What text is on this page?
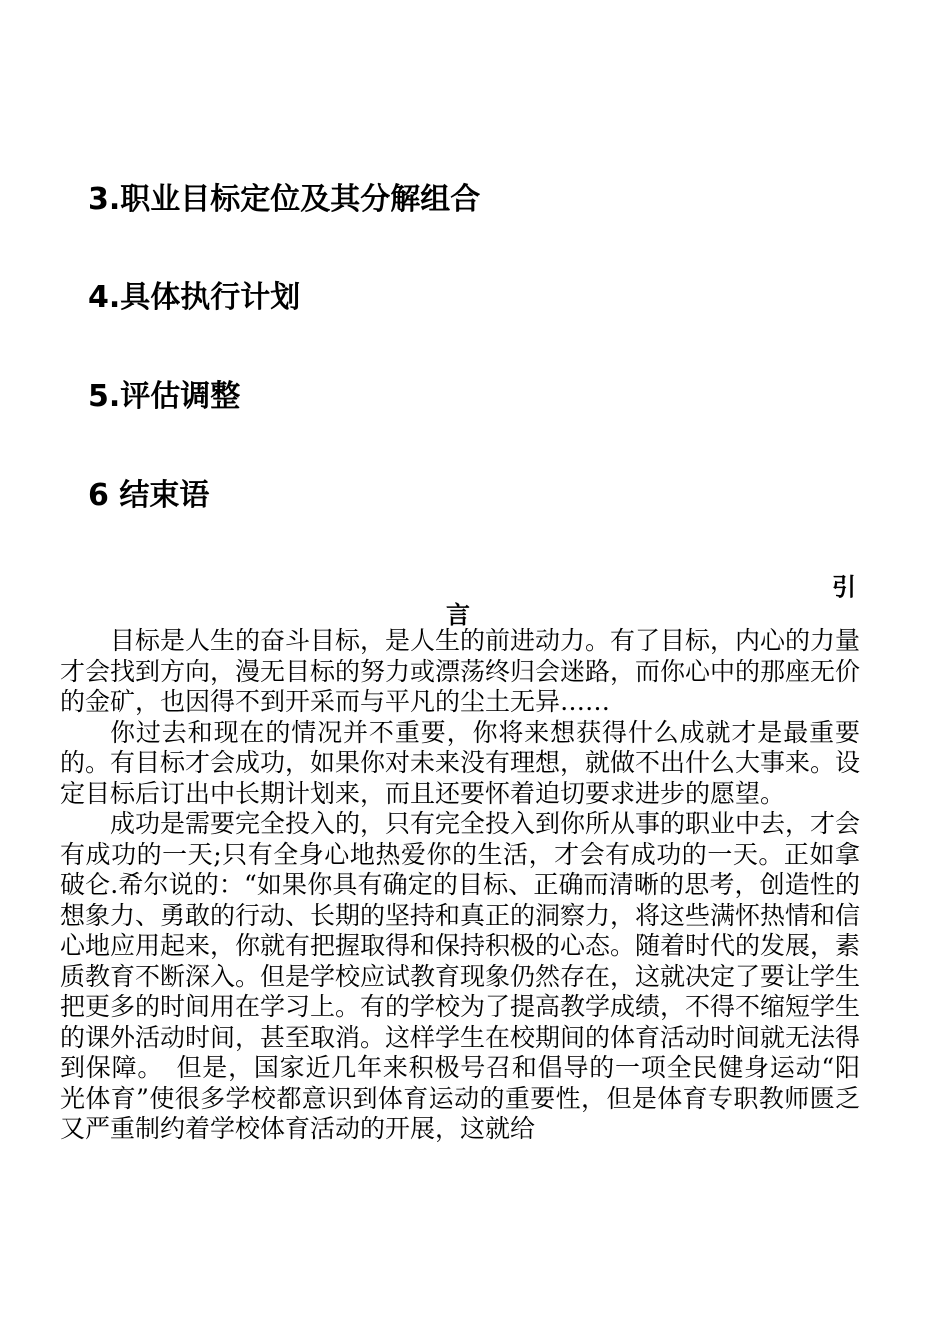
3.职业目标定位及其分解组合
4.具体执行计划
5.评估调整
6 结束语
引
言

目标是人生的奋斗目标，是人生的前进动力。有了目标，内心的力量才会找到方向，漫无目标的努力或漂荡终归会迷路，而你心中的那座无价的金矿，也因得不到开采而与平凡的尘土无异……

你过去和现在的情况并不重要，你将来想获得什么成就才是最重要的。有目标才会成功，如果你对未来没有理想，就做不出什么大事来。设定目标后订出中长期计划来，而且还要怀着迫切要求进步的愿望。

成功是需要完全投入的，只有完全投入到你所从事的职业中去，才会有成功的一天;只有全身心地热爱你的生活，才会有成功的一天。正如拿破仑.希尔说的：“如果你具有确定的目标、正确而清晰的思考，创造性的想象力、勇敢的行动、长期的坚持和真正的洞察力，将这些满怀热情和信心地应用起来，你就有把握取得和保持积极的心态。随着时代的发展，素质教育不断深入。但是学校应试教育现象仍然存在，这就决定了要让学生把更多的时间用在学习上。有的学校为了提高教学成绩，不得不缩短学生的课外活动时间，甚至取消。这样学生在校期间的体育活动时间就无法得到保障。　但是，国家近几年来积极号召和倡导的一项全民健身运动“阳光体育”使很多学校都意识到体育运动的重要性，但是体育专职教师匮乏又严重制约着学校体育活动的开展，这就给
